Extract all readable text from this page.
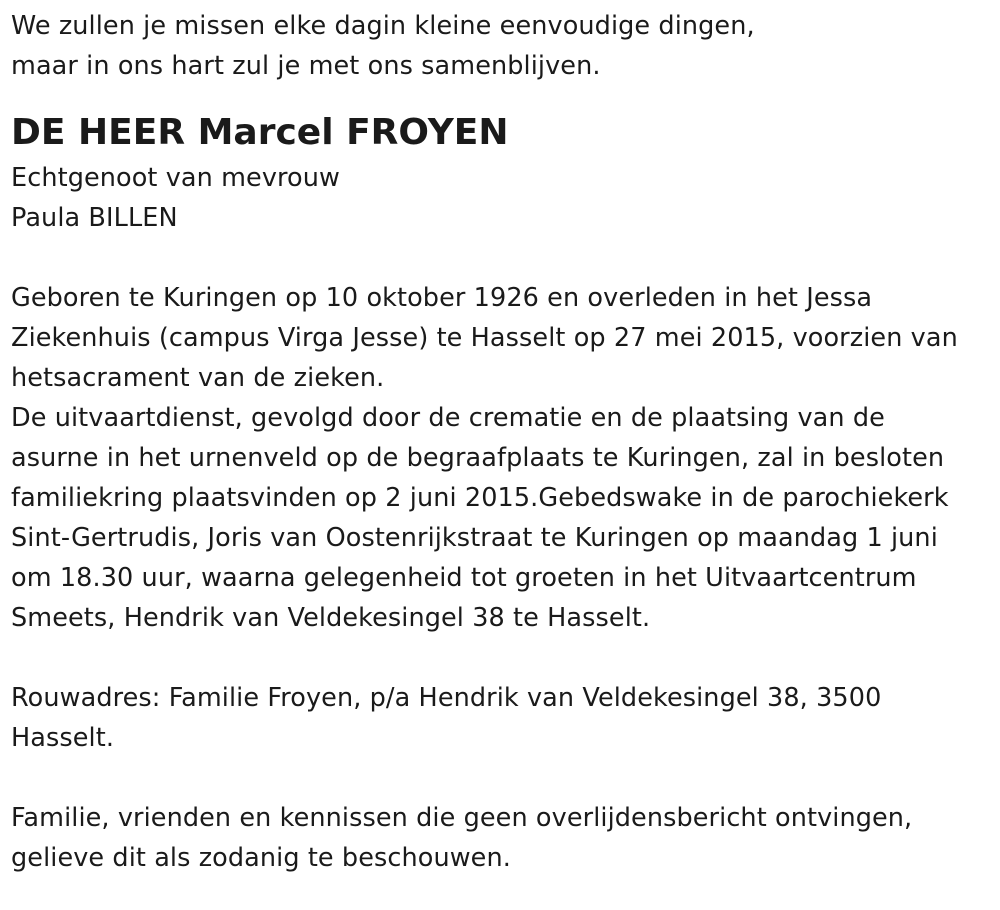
We zullen je missen elke dagin kleine eenvoudige dingen,
maar in ons hart zul je met ons samenblijven.
DE HEER Marcel FROYEN
Echtgenoot van mevrouw
Paula BILLEN
Geboren te Kuringen op 10 oktober 1926 en overleden in het Jessa
Ziekenhuis (campus Virga Jesse) te Hasselt op 27 mei 2015, voorzien van
hetsacrament van de zieken.
De uitvaartdienst, gevolgd door de crematie en de plaatsing van de
asurne in het urnenveld op de begraafplaats te Kuringen, zal in besloten
familiekring plaatsvinden op 2 juni 2015.Gebedswake in de parochiekerk
Sint-Gertrudis, Joris van Oostenrijkstraat te Kuringen op maandag 1 juni
om 18.30 uur, waarna gelegenheid tot groeten in het Uitvaartcentrum
Smeets, Hendrik van Veldekesingel 38 te Hasselt.
Rouwadres: Familie Froyen, p/a Hendrik van Veldekesingel 38, 3500
Hasselt.
Familie, vrienden en kennissen die geen overlijdensbericht ontvingen,
gelieve dit als zodanig te beschouwen.
